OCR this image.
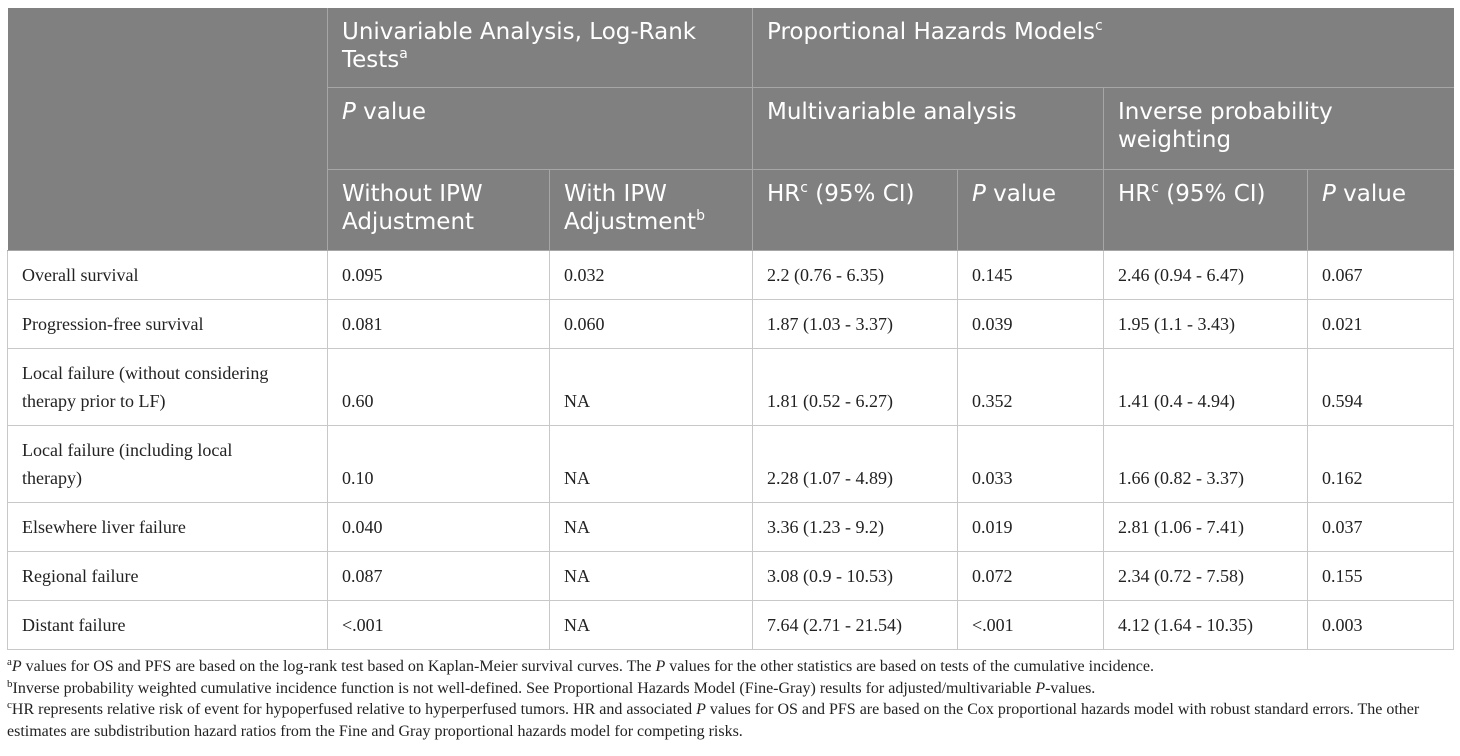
	Univariable Analysis, Log-Rank Tests$^a$		Proportional Hazards Models$^c$
	P value		Multivariable analysis		Inverse probability weighting	
	Without IPW Adjustment	With IPW Adjustment$^b$	$HR^c$ (95% CI)	P value	$HR^c$ (95% CI)	P value
Overall survival	0.095	0.032	2.2 (0.76 - 6.35)	0.145	2.46 (0.94 - 6.47)	0.067
Progression-free survival	0.081	0.060	1.87 (1.03 - 3.37)	0.039	1.95 (1.1 - 3.43)	0.021
Local failure (without considering therapy prior to LF)	0.60	NA	1.81 (0.52 - 6.27)	0.352	1.41 (0.4 - 4.94)	0.594
Local failure (including local therapy)	0.10	NA	2.28 (1.07 - 4.89)	0.033	1.66 (0.82 - 3.37)	0.162
Elsewhere liver failure	0.040	NA	3.36 (1.23 - 9.2)	0.019	2.81 (1.06 - 7.41)	0.037
Regional failure	0.087	NA	3.08 (0.9 - 10.53)	0.072	2.34 (0.72 - 7.58)	0.155
Distant failure	<.001	NA	7.64 (2.71 - 21.54)	<.001	4.12 (1.64 - 10.35)	0.003

$^a$P values for OS and PFS are based on the log-rank test based on Kaplan-Meier survival curves. The P values for the other statistics are based on tests of the cumulative incidence.

$^b$Inverse probability weighted cumulative incidence function is not well-defined. See Proportional Hazards Model (Fine-Gray) results for adjusted/multivariable P-values.

$^c$HR represents relative risk of event for hypoperfused relative to hyperperfused tumors. HR and associated P values for OS and PFS are based on the Cox proportional hazards model with robust standard errors. The other estimates are subdistribution hazard ratios from the Fine and Gray proportional hazards model for competing risks.
